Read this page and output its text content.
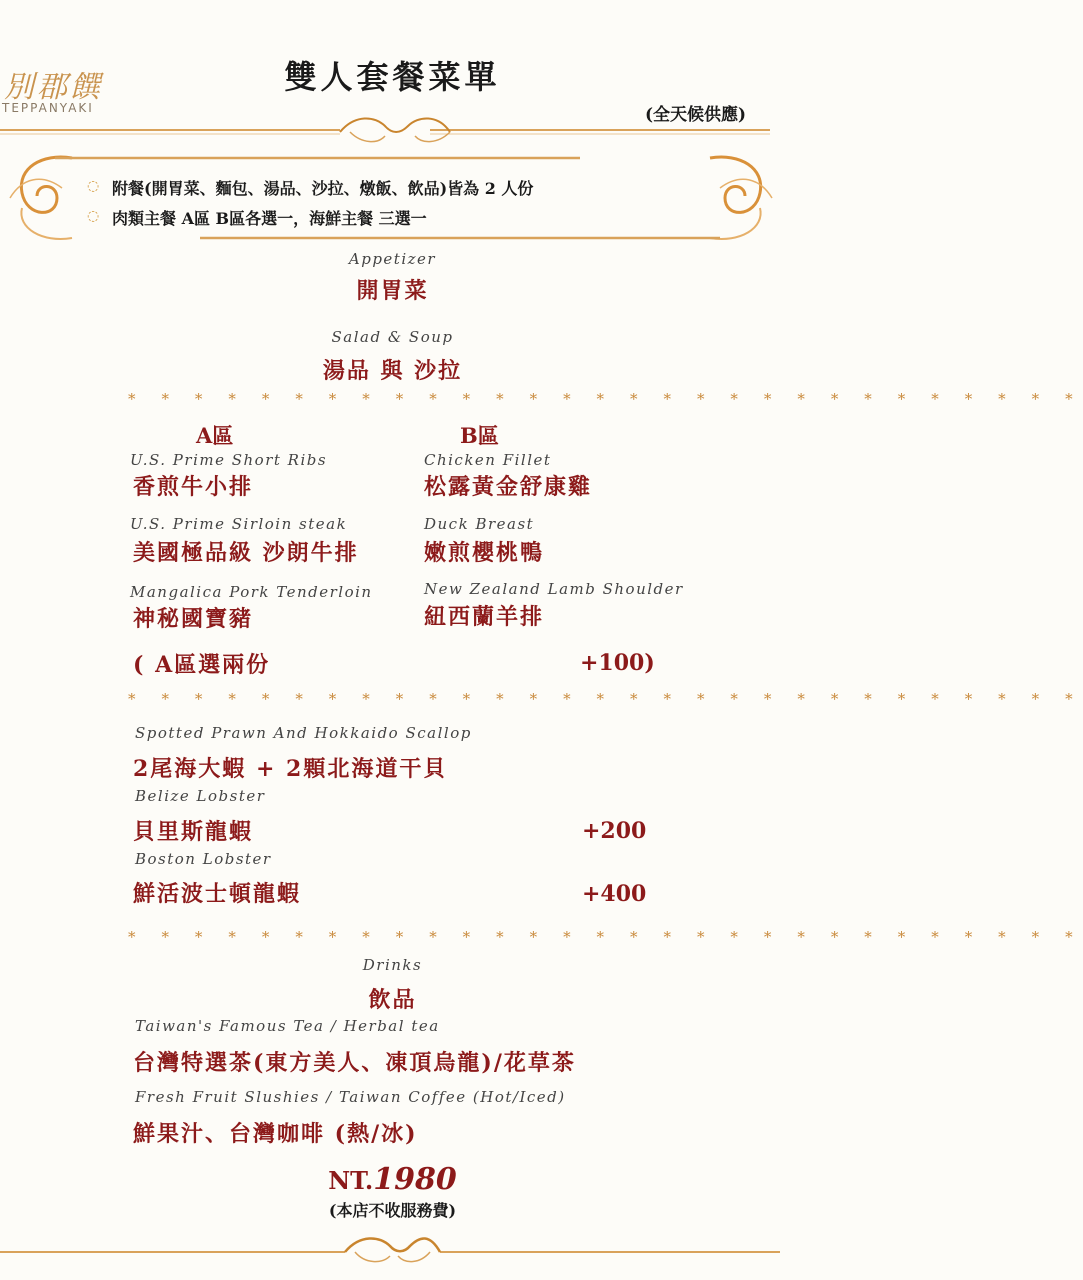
別郡饌
TEPPANYAKI
雙人套餐菜單
(全天候供應)
◌ 附餐(開胃菜、麵包、湯品、沙拉、燉飯、飲品)皆為 2 人份
◌ 肉類主餐 A區 B區各選一，海鮮主餐 三選一
Appetizer
開胃菜
Salad & Soup
湯品 與 沙拉
* * * * * * * * * * * * * * * * * * * * * * * * * * * * *
A區	B區
U.S. Prime Short Ribs
香煎牛小排
U.S. Prime Sirloin steak
美國極品級 沙朗牛排
Mangalica Pork Tenderloin
神秘國寶豬
Chicken Fillet
松露黃金舒康雞
Duck Breast
嫩煎櫻桃鴨
New Zealand Lamb Shoulder
紐西蘭羊排
( A區選兩份	+100)
* * * * * * * * * * * * * * * * * * * * * * * * * * * * *
Spotted Prawn And Hokkaido Scallop
2尾海大蝦 + 2顆北海道干貝
Belize Lobster
貝里斯龍蝦	+200
Boston Lobster
鮮活波士頓龍蝦	+400
* * * * * * * * * * * * * * * * * * * * * * * * * * * * *
Drinks
飲品
Taiwan's Famous Tea / Herbal tea
台灣特選茶(東方美人、凍頂烏龍)/花草茶
Fresh Fruit Slushies / Taiwan Coffee (Hot/Iced)
鮮果汁、台灣咖啡 (熱/冰)
NT.1980
(本店不收服務費)
